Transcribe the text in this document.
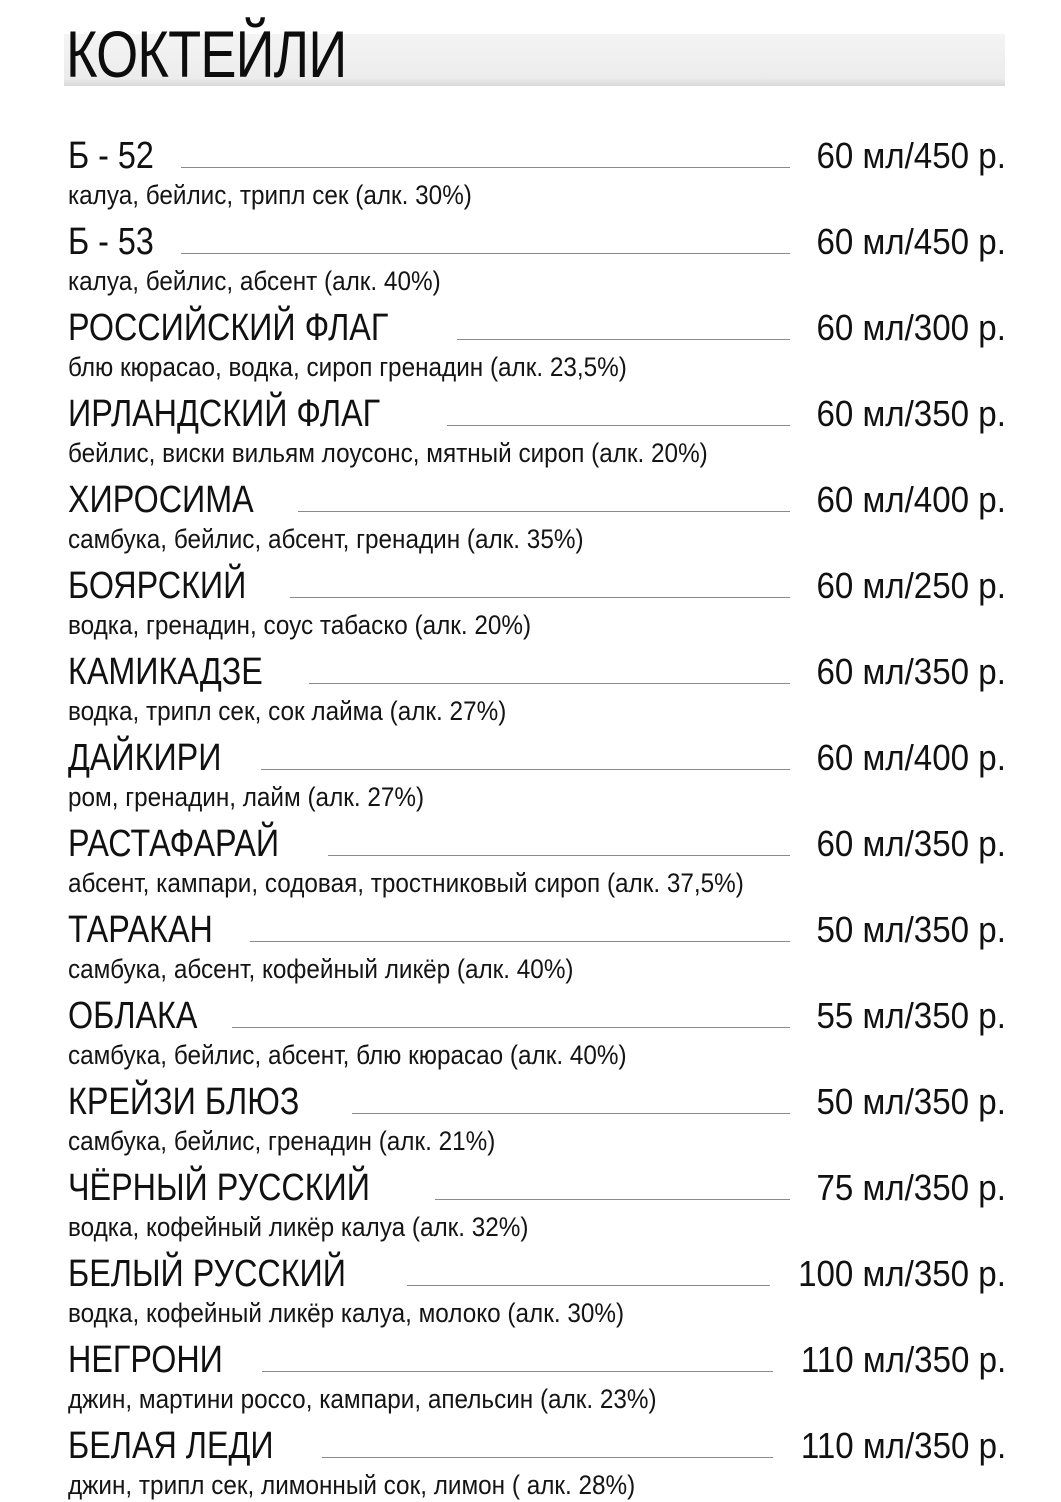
КОКТЕЙЛИ
Б - 52	60 мл/450 р.
калуа, бейлис, трипл сек (алк. 30%)
Б - 53	60 мл/450 р.
калуа, бейлис, абсент (алк. 40%)
РОССИЙСКИЙ ФЛАГ	60 мл/300 р.
блю кюрасао, водка, сироп гренадин (алк. 23,5%)
ИРЛАНДСКИЙ ФЛАГ	60 мл/350 р.
бейлис, виски вильям лоусонс, мятный сироп (алк. 20%)
ХИРОСИМА	60 мл/400 р.
самбука, бейлис, абсент, гренадин (алк. 35%)
БОЯРСКИЙ	60 мл/250 р.
водка, гренадин, соус табаско (алк. 20%)
КАМИКАДЗЕ	60 мл/350 р.
водка, трипл сек, сок лайма (алк. 27%)
ДАЙКИРИ	60 мл/400 р.
ром, гренадин, лайм (алк. 27%)
РАСТАФАРАЙ	60 мл/350 р.
абсент, кампари, содовая, тростниковый сироп (алк. 37,5%)
ТАРАКАН	50 мл/350 р.
самбука, абсент, кофейный ликёр (алк. 40%)
ОБЛАКА	55 мл/350 р.
самбука, бейлис, абсент, блю кюрасао (алк. 40%)
КРЕЙЗИ БЛЮЗ	50 мл/350 р.
самбука, бейлис, гренадин (алк. 21%)
ЧЁРНЫЙ РУССКИЙ	75 мл/350 р.
водка, кофейный ликёр калуа (алк. 32%)
БЕЛЫЙ РУССКИЙ	100 мл/350 р.
водка, кофейный ликёр калуа, молоко (алк. 30%)
НЕГРОНИ	110 мл/350 р.
джин, мартини россо, кампари, апельсин (алк. 23%)
БЕЛАЯ ЛЕДИ	110 мл/350 р.
джин, трипл сек, лимонный сок, лимон ( алк. 28%)
